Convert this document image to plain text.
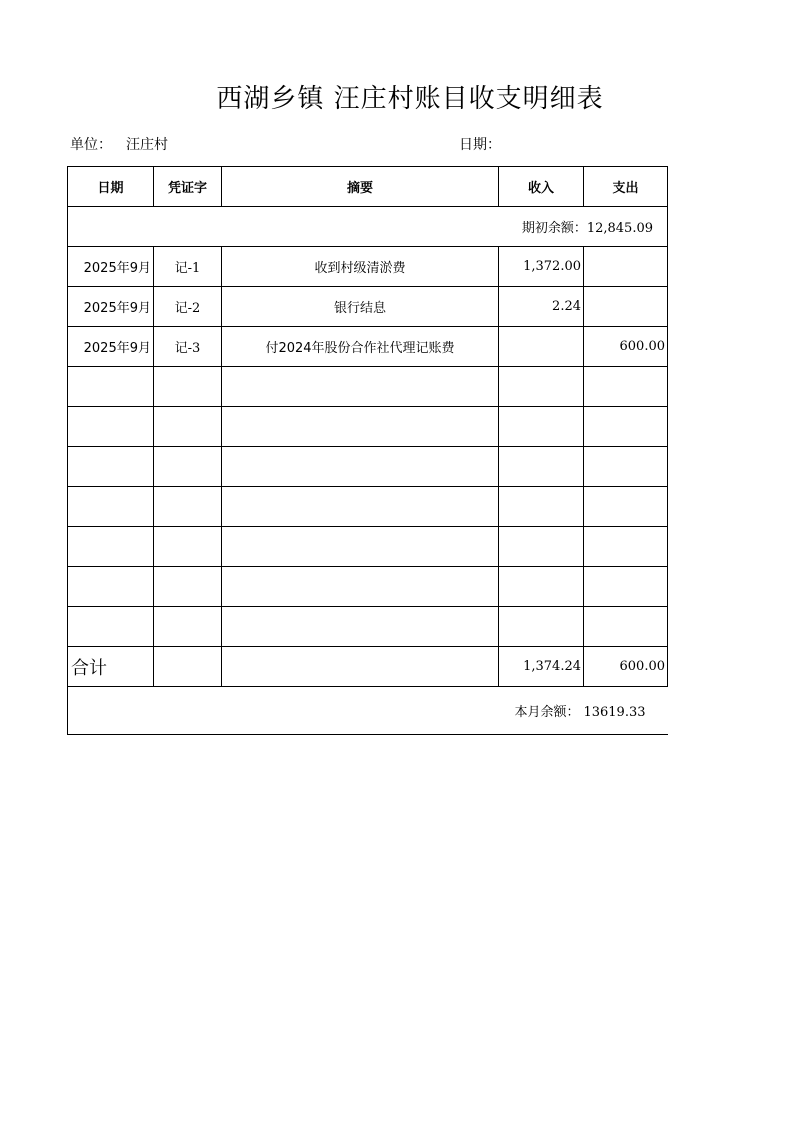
西湖乡镇 汪庄村账目收支明细表
单位： 汪庄村	日期：
日期	凭证字	摘要	收入	支出
期初余额：12,845.09				
2025年9月	记-1	收到村级清淤费	1,372.00	
2025年9月	记-2	银行结息	2.24	
2025年9月	记-3	付2024年股份合作社代理记账费		600.00

合计			1,374.24	600.00
本月余额： 13619.33				
